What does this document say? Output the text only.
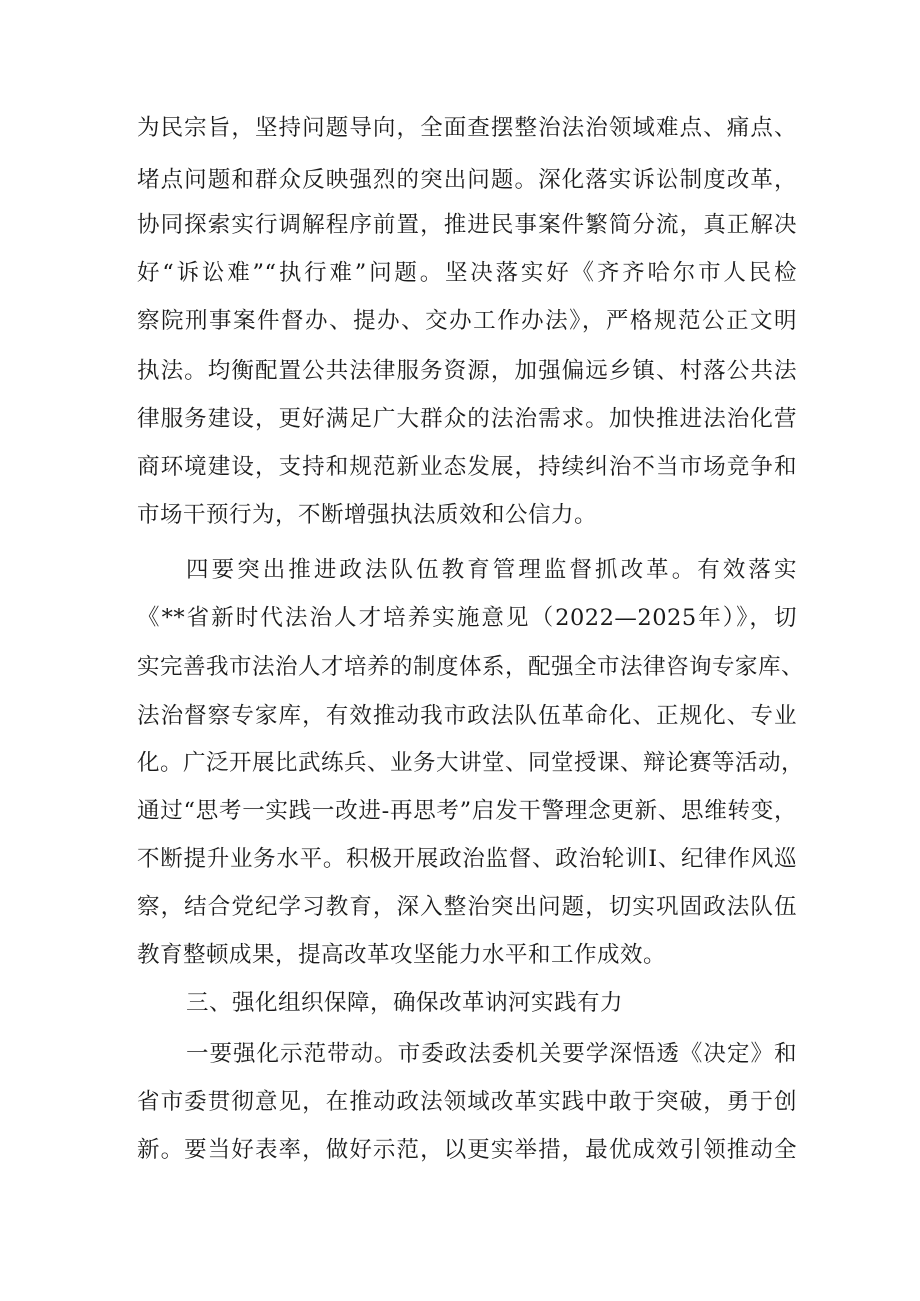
为民宗旨，坚持问题导向，全面查摆整治法治领域难点、痛点、
堵点问题和群众反映强烈的突出问题。深化落实诉讼制度改革，
协同探索实行调解程序前置，推进民事案件繁简分流，真正解决
好“诉讼难”“执行难”问题。坚决落实好《齐齐哈尔市人民检
察院刑事案件督办、提办、交办工作办法》，严格规范公正文明
执法。均衡配置公共法律服务资源，加强偏远乡镇、村落公共法
律服务建设，更好满足广大群众的法治需求。加快推进法治化营
商环境建设，支持和规范新业态发展，持续纠治不当市场竞争和
市场干预行为，不断增强执法质效和公信力。
四要突出推进政法队伍教育管理监督抓改革。有效落实
《**省新时代法治人才培养实施意见（2022—2025年）》，切
实完善我市法治人才培养的制度体系，配强全市法律咨询专家库、
法治督察专家库，有效推动我市政法队伍革命化、正规化、专业
化。广泛开展比武练兵、业务大讲堂、同堂授课、辩论赛等活动，
通过“思考一实践一改进-再思考”启发干警理念更新、思维转变，
不断提升业务水平。积极开展政治监督、政治轮训I、纪律作风巡
察，结合党纪学习教育，深入整治突出问题，切实巩固政法队伍
教育整顿成果，提高改革攻坚能力水平和工作成效。
三、强化组织保障，确保改革讷河实践有力
一要强化示范带动。市委政法委机关要学深悟透《决定》和
省市委贯彻意见，在推动政法领域改革实践中敢于突破，勇于创
新。要当好表率，做好示范，以更实举措，最优成效引领推动全
